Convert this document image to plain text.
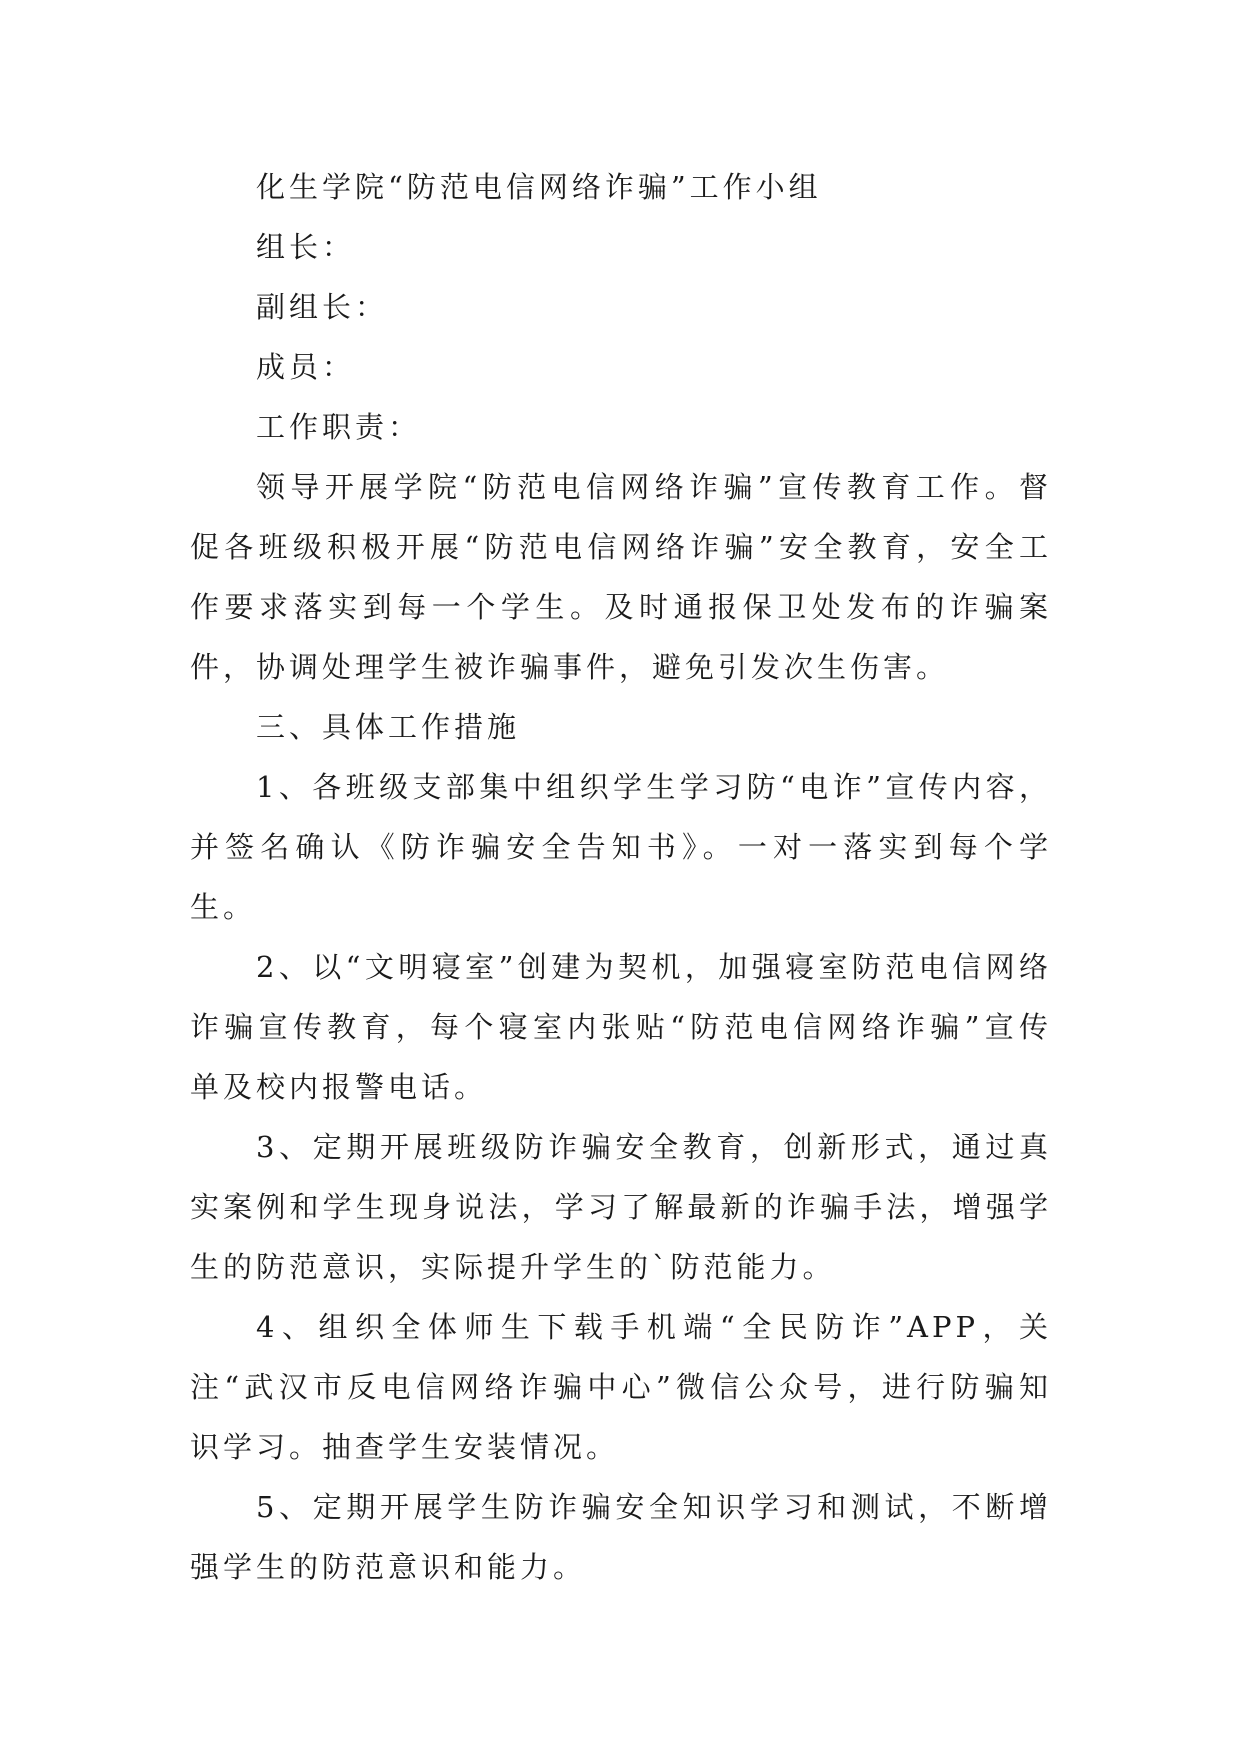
化生学院“防范电信网络诈骗”工作小组

组长：

副组长：

成员：

工作职责：

领导开展学院“防范电信网络诈骗”宣传教育工作。督促各班级积极开展“防范电信网络诈骗”安全教育，安全工作要求落实到每一个学生。及时通报保卫处发布的诈骗案件，协调处理学生被诈骗事件，避免引发次生伤害。

三、具体工作措施

1、各班级支部集中组织学生学习防“电诈”宣传内容，并签名确认《防诈骗安全告知书》。一对一落实到每个学生。

2、以“文明寝室”创建为契机，加强寝室防范电信网络诈骗宣传教育，每个寝室内张贴“防范电信网络诈骗”宣传单及校内报警电话。

3、定期开展班级防诈骗安全教育，创新形式，通过真实案例和学生现身说法，学习了解最新的诈骗手法，增强学生的防范意识，实际提升学生的`防范能力。

4、组织全体师生下载手机端“全民防诈”APP，关注“武汉市反电信网络诈骗中心”微信公众号，进行防骗知识学习。抽查学生安装情况。

5、定期开展学生防诈骗安全知识学习和测试，不断增强学生的防范意识和能力。
